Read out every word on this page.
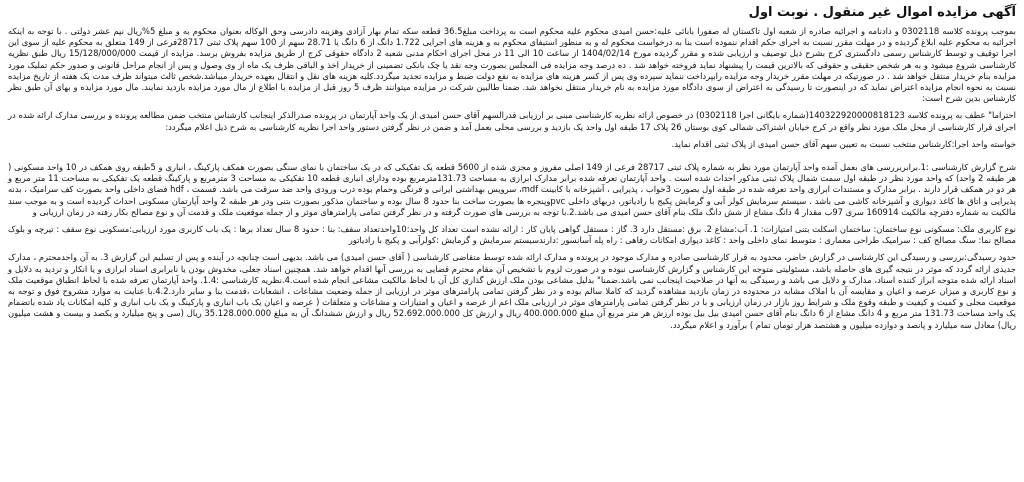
آگهی مزایده اموال غیر منقول . نوبت اول

بموجب پرونده کلاسه 0302118 و دادنامه و اجرائیه صادره از شعبه اول تاکستان له صفورا بابائی علیه:حسن امیدی محکوم علیه محکوم است به پرداخت مبلغ36.5 قطعه سکه تمام بهار آزادی وهزینه دادرسی وحق الوکاله بعنوان محکوم به و مبلغ 5%ریال نیم عشر دولتی . با توجه به اینکه اجرائیه به محکوم علیه ابلاغ گردیده و در مهلت مقرر نسبت به اجرای حکم اقدام ننموده است بنا به درخواست محکوم له و به منظور استیفای محکوم به و هزینه های اجرایی 1.722 دانگ از 6 دانگ یا 28.71 سهم از 100 سهم پلاک ثبتی 28717فرعی از 149 متعلق به محکوم علیه از سوی این اجرا توقیف و توسط کارشناس رسمی دادگستری کرج بشرح ذیل توصیف و ارزیابی شده و مقرر گردیده مورخ 1404/02/14 از ساعت 10 الی 11 در محل اجرای احکام مدنی شعبه 2 دادگاه حقوقی کرج از طریق مزایده بفروش برسد. مزایده از قیمت 15/128/000/000 ریال طبق نظریه کارشناسی شروع میشود و به هر شخص حقیقی و حقوقی که بالاترین قیمت را پیشنهاد نماید فروخته خواهد شد . ده درصد وجه مزایده فی المجلس بصورت وجه نقد یا چک بانکی تضمینی از خریدار اخذ و الباقی ظرف یک ماه از وی وصول و پس از انجام مراحل قانونی و صدور حکم تملیک مورد مزایده بنام خریدار منتقل خواهد شد . در صورتیکه در مهلت مقرر خریدار وجه مزایده رابپرداخت ننماید سپرده وی پس از کسر هزینه های مزایده به نفع دولت ضبط و مزایده تجدید میگردد.کلیه هزینه های نقل و انتقال بعهده خریدار میباشد.شخص ثالث میتواند ظرف مدت یک هفته از تاریخ مزایده نسبت به نحوه انجام مزایده اعتراض نماید که در اینصورت تا رسیدگی به اعتراض از سوی دادگاه مورد مزایده به نام خریدار منتقل نخواهد شد. ضمنا طالبین شرکت در مزایده میتوانند ظرف 5 روز قبل از مزایده با اطلاع از مال مورد مزایده بازدید نمایند. مال مورد مزایده و بهای آن طبق نظر کارشناس بدین شرح است:

احتراما" عطف به پرونده کلاسه 140322920000818123(شماره بایگانی اجرا 0302118) در خصوص ارائه نظریه کارشناسی مبنی بر ارزیابی قدرالسهم آقای حسن امیدی از یک واحد آپارتمان در پرونده صدرالذکر اینجانب کارشناس منتخب ضمن مطالعه پرونده و بررسی مدارک ارائه شده در اجرای قرار کارشناسی از محل ملک مورد نظر واقع در کرج خیابان اشتراکی شمالی کوی بوستان 26 پلاک 17 طبقه اول واحد یک بازدید و بررسی محلی بعمل آمد و ضمن در نظر گرفتن دستور واحد اجرا نظریه کارشناسی به شرح ذیل اعلام میگردد:

خواسته واحد اجرا:کارشناس منتخب نسبت به تعیین سهم آقای حسن امیدی از پلاک ثبتی اقدام نماید.

شرح گزارش کارشناسی :1.برابربررسی های بعمل آمده واحد آپارتمان مورد نظر به شماره پلاک ثبتی 28717 فرعی از 149 اصلی مفروز و مجزی شده از 5600 قطعه یک تفکیکی که در یک ساختمان با نمای سنگی بصورت همکف پارکینگ ، انباری و 5طبقه روی همکف در 10 واحد مسکونی ( هر طبقه 2 واحد) که واحد مورد نظر در طبقه اول سمت شمال پلاک ثبتی مذکور احداث شده است . واحد آپارتمان تعرفه شده برابر مدارک ابرازی به مساحت 131.73مترمربع بوده ودارای انباری قطعه 10 تفکیکی به مساحت 3 مترمربع و پارکینگ قطعه یک تفکیکی به مساحت 11 متر مربع و هر دو در همکف قرار دارند . برابر مدارک و مستندات ابرازی واحد تعرفه شده در طبقه اول بصورت 3خواب ، پذیرایی ، آشپزخانه با کابینت mdf، سرویس بهداشتی ایرانی و فرنگی وحمام بوده درب ورودی واحد ضد سرقت می باشد. قسمت ، hdf فضای داخلی واحد بصورت کف سرامیک ، بدنه پذیرایی و اتاق ها کاغذ دیواری و آشپزخانه کاشی می باشد . سیستم سرمایش کولر آبی و گرمایش پکیج با رادیاتور، دربهای داخلی pvcوپنجره ها بصورت ساخت بنا حدود 8 سال بوده و ساختمان مذکور بصورت بتنی ودر هر طبقه 2 واحد آپارتمان مسکونی احداث گردیده است و به موجب سند مالکیت به شماره دفترچه مالکیت 160914 سری 97ب مقدار 4 دانگ مشاع از شش دانگ ملک بنام آقای حسن امیدی می باشد.2.با توجه به بررسی های صورت گرفته و در نظر گرفتن تمامی پارامترهای موثر و از جمله موقعیت ملک و قدمت آن و نوع مصالح بکار رفته در زمان ارزیابی و

نوع کاربری ملک: مسکونی نوع ساختمان: ساختمان اسکلت بتنی امتیازات: 1. آب:مشاع 2. برق :مستقل دارد 3. گاز : مستقل گواهی پایان کار : ارائه نشده است تعداد کل واحد:10واحدتعداد سقف: بنا : حدود 8 سال تعداد برها : یک باب کاربری مورد ارزیابی:مسکونی نوع سقف : تیرچه و بلوک مصالح نما: سنگ مصالح کف : سرامیک طراحی معماری : متوسط نمای داخلی واحد : کاغذ دیواری امکانات رفاهی : راه پله آسانسور :دارندسیستم سرمایش و گرمایش :کولرآبی و پکیج با رادیاتور

حدود رسیدگی:بررسی و رسیدگی این کارشناسی در گزارش حاضر، محدود به قرار کارشناسی صادره و مدارک موجود در پرونده و مدارک ارائه شده توسط متقاضی کارشناسی ( آقای حسن امیدی) می باشد. بدیهی است چنانچه در آینده و پس از تسلیم این گزارش 3. به آن واحدمحترم ، مدارک جدیدی ارائه گردد که موثر در نتیجه گیری های حاصله باشد، مسئولیتی متوجه این کارشناس و گزارش کارشناسی نبوده و در صورت لزوم با تشخیص آن مقام محترم قضایی به بررسی آنها اقدام خواهد شد. همچنین اسناد جعلی، مخدوش بودن یا نابرابری اسناد ابرازی و یا انکار و تردید به دلایل و اسناد ارائه شده متوجه ابراز کننده اسناد، مدارک و دلایل می باشد و رسیدگی به آنها در صلاحیت اینجانب نمی باشد.ضمنا" بدلیل مشاعی بودن ملک ارزش گذاری کل آن با لحاظ مالکیت مشاعی انجام شده است.4.نظریه کارشناسی :1.4. واحد آپارتمان تعرفه شده با لحاظ انطباق موقعیت ملک و نوع کاربری و میزان عرصه و اعیان و مقایسه آن با املاک مشابه در محدوده در زمان بازدید مشاهده گردید که کاملا سالم بوده و در نظر گرفتن تمامی پارامترهای موثر در ارزیابی از جمله وضعیت مشاعات ، انشعابات ،قدمت بنا و سایر دارد.4.2.با عنایت به موارد مشروح فوق و توجه به موقعیت محلی و کمیت و کیفیت و طبقه وقوع ملک و شرایط روز بازار در زمان ارزیابی و با در نظر گرفتن تمامی پارامترهای موثر در ارزیابی ملک اعم از عرصه و اعیان و امتیازات و مشاعات و متعلقات ( عرصه و اعیان یک باب انباری و پارکینگ و یک باب انباری و کلیه امکانات یاد شده باتضمام یک واحد مساحت 131.73 متر مربع و 4 دانگ مشاع از 6 دانگ بنام آقای حسن امیدی بیل بیل بوده ارزش هر متر مربع آن مبلغ 400.000.000 ریال و ارزش کل 52.692.000.000 ریال و ارزش ششدانگ آن به مبلغ 35.128.000.000 ریال (سی و پنج میلیارد و یکصد و بیست و هشت میلیون ریال) معادل سه میلیارد و پانصد و دوازده میلیون و هشتصد هزار تومان تمام ) برآورد و اعلام میگردد.
